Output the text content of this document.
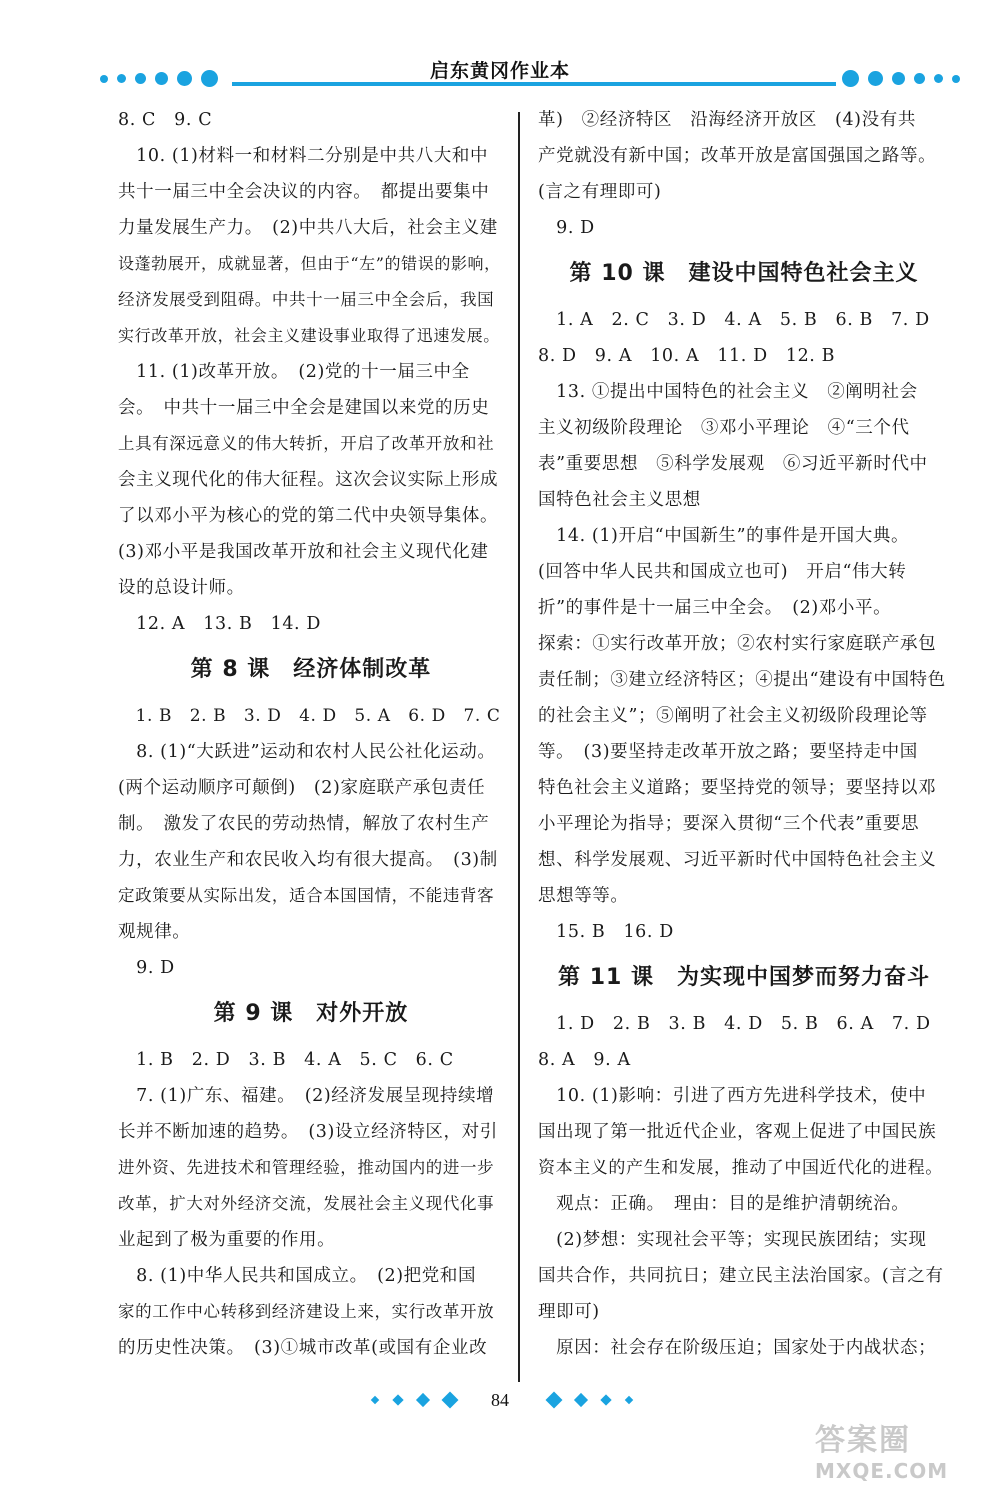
启东黄冈作业本
8. C　9. C
　10. (1)材料一和材料二分别是中共八大和中
共十一届三中全会决议的内容。　都提出要集中
力量发展生产力。　(2)中共八大后，社会主义建
设蓬勃展开，成就显著，但由于“左”的错误的影响，
经济发展受到阻碍。中共十一届三中全会后，我国
实行改革开放，社会主义建设事业取得了迅速发展。
　11. (1)改革开放。　(2)党的十一届三中全
会。　中共十一届三中全会是建国以来党的历史
上具有深远意义的伟大转折，开启了改革开放和社
会主义现代化的伟大征程。这次会议实际上形成
了以邓小平为核心的党的第二代中央领导集体。
(3)邓小平是我国改革开放和社会主义现代化建
设的总设计师。
　12. A　13. B　14. D
第 8 课　经济体制改革
　1. B　2. B　3. D　4. D　5. A　6. D　7. C
　8. (1)“大跃进”运动和农村人民公社化运动。
(两个运动顺序可颠倒)　(2)家庭联产承包责任
制。　激发了农民的劳动热情，解放了农村生产
力，农业生产和农民收入均有很大提高。　(3)制
定政策要从实际出发，适合本国国情，不能违背客
观规律。
　9. D
第 9 课　对外开放
　1. B　2. D　3. B　4. A　5. C　6. C
　7. (1)广东、福建。　(2)经济发展呈现持续增
长并不断加速的趋势。　(3)设立经济特区，对引
进外资、先进技术和管理经验，推动国内的进一步
改革，扩大对外经济交流，发展社会主义现代化事
业起到了极为重要的作用。
　8. (1)中华人民共和国成立。　(2)把党和国
家的工作中心转移到经济建设上来，实行改革开放
的历史性决策。　(3)①城市改革(或国有企业改
革)　②经济特区　沿海经济开放区　(4)没有共
产党就没有新中国；改革开放是富国强国之路等。
(言之有理即可)
　9. D
第 10 课　建设中国特色社会主义
　1. A　2. C　3. D　4. A　5. B　6. B　7. D
8. D　9. A　10. A　11. D　12. B
　13. ①提出中国特色的社会主义　②阐明社会
主义初级阶段理论　③邓小平理论　④“三个代
表”重要思想　⑤科学发展观　⑥习近平新时代中
国特色社会主义思想
　14. (1)开启“中国新生”的事件是开国大典。
(回答中华人民共和国成立也可)　开启“伟大转
折”的事件是十一届三中全会。　(2)邓小平。
探索：①实行改革开放；②农村实行家庭联产承包
责任制；③建立经济特区；④提出“建设有中国特色
的社会主义”；⑤阐明了社会主义初级阶段理论等
等。　(3)要坚持走改革开放之路；要坚持走中国
特色社会主义道路；要坚持党的领导；要坚持以邓
小平理论为指导；要深入贯彻“三个代表”重要思
想、科学发展观、习近平新时代中国特色社会主义
思想等等。
　15. B　16. D
第 11 课　为实现中国梦而努力奋斗
　1. D　2. B　3. B　4. D　5. B　6. A　7. D
8. A　9. A
　10. (1)影响：引进了西方先进科学技术，使中
国出现了第一批近代企业，客观上促进了中国民族
资本主义的产生和发展，推动了中国近代化的进程。
　观点：正确。　理由：目的是维护清朝统治。
　(2)梦想：实现社会平等；实现民族团结；实现
国共合作，共同抗日；建立民主法治国家。(言之有
理即可)
　原因：社会存在阶级压迫；国家处于内战状态；
84
答案圈
MXQE.COM
